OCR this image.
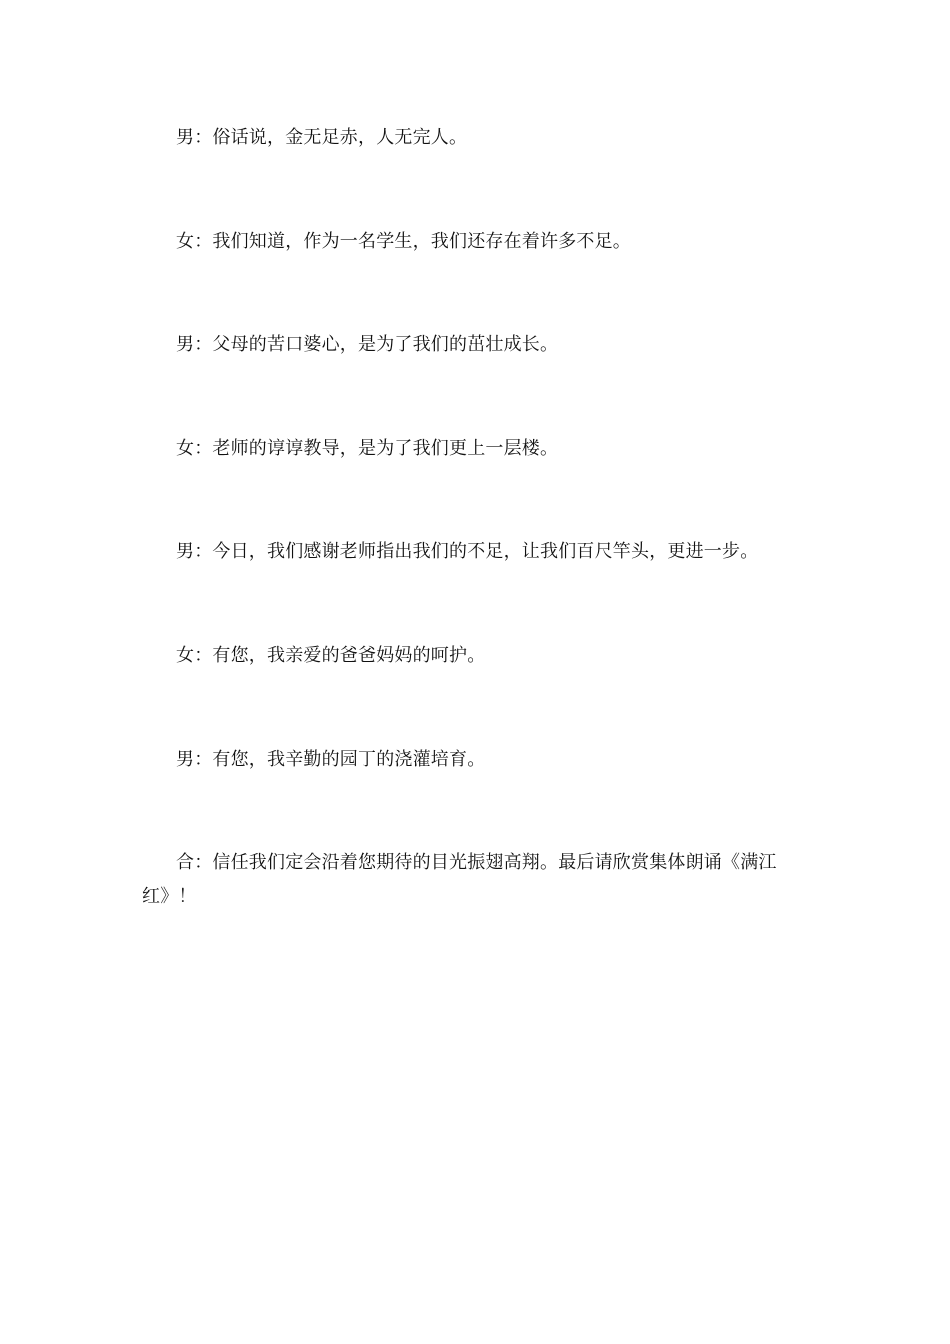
男：俗话说，金无足赤，人无完人。
女：我们知道，作为一名学生，我们还存在着许多不足。
男：父母的苦口婆心，是为了我们的茁壮成长。
女：老师的谆谆教导，是为了我们更上一层楼。
男：今日，我们感谢老师指出我们的不足，让我们百尺竿头，更进一步。
女：有您，我亲爱的爸爸妈妈的呵护。
男：有您，我辛勤的园丁的浇灌培育。
合：信任我们定会沿着您期待的目光振翅高翔。最后请欣赏集体朗诵《满江红》！
